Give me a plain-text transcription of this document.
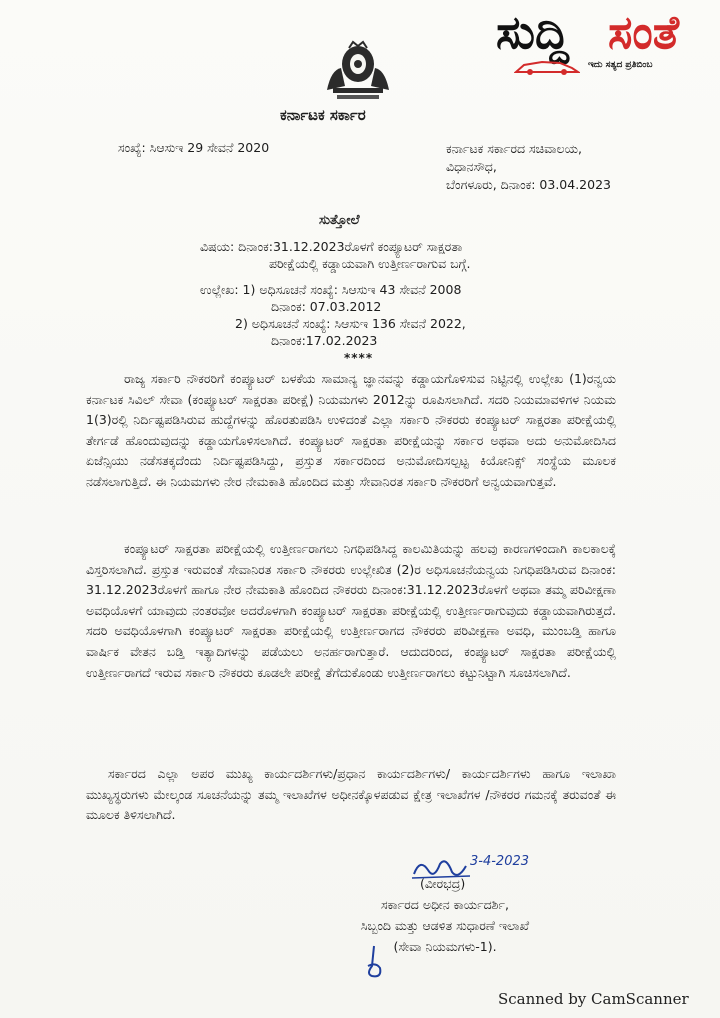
ಸುದ್ದಿ ಸಂತೆ
ಇದು ಸತ್ಯದ ಪ್ರತಿಬಿಂಬ
ಕರ್ನಾಟಕ ಸರ್ಕಾರ
ಸಂಖ್ಯೆ: ಸಿಆಸುಇ 29 ಸೇವನೆ 2020	ಕರ್ನಾಟಕ ಸರ್ಕಾರದ ಸಚಿವಾಲಯ,
ವಿಧಾನಸೌಧ,
ಬೆಂಗಳೂರು, ದಿನಾಂಕ: 03.04.2023
ಸುತ್ತೋಲೆ
ವಿಷಯ: ದಿನಾಂಕ:31.12.2023ರೊಳಗೆ ಕಂಪ್ಯೂಟರ್ ಸಾಕ್ಷರತಾ
ಪರೀಕ್ಷೆಯಲ್ಲಿ ಕಡ್ಡಾಯವಾಗಿ ಉತ್ತೀರ್ಣರಾಗುವ ಬಗ್ಗೆ.
ಉಲ್ಲೇಖ: 1) ಅಧಿಸೂಚನೆ ಸಂಖ್ಯೆ: ಸಿಆಸುಇ 43 ಸೇವನೆ 2008
ದಿನಾಂಕ: 07.03.2012
2) ಅಧಿಸೂಚನೆ ಸಂಖ್ಯೆ: ಸಿಆಸುಇ 136 ಸೇವನೆ 2022,
ದಿನಾಂಕ:17.02.2023
****

ರಾಜ್ಯ ಸರ್ಕಾರಿ ನೌಕರರಿಗೆ ಕಂಪ್ಯೂಟರ್ ಬಳಕೆಯ ಸಾಮಾನ್ಯ ಜ್ಞಾನವನ್ನು ಕಡ್ಡಾಯಗೊಳಿಸುವ ನಿಟ್ಟಿನಲ್ಲಿ ಉಲ್ಲೇಖ (1)ರನ್ವಯ ಕರ್ನಾಟಕ ಸಿವಿಲ್ ಸೇವಾ (ಕಂಪ್ಯೂಟರ್ ಸಾಕ್ಷರತಾ ಪರೀಕ್ಷೆ) ನಿಯಮಗಳು 2012ನ್ನು ರೂಪಿಸಲಾಗಿದೆ. ಸದರಿ ನಿಯಮಾವಳಿಗಳ ನಿಯಮ 1(3)ರಲ್ಲಿ ನಿರ್ದಿಷ್ಟಪಡಿಸಿರುವ ಹುದ್ದೆಗಳನ್ನು ಹೊರತುಪಡಿಸಿ ಉಳಿದಂತೆ ಎಲ್ಲಾ ಸರ್ಕಾರಿ ನೌಕರರು ಕಂಪ್ಯೂಟರ್ ಸಾಕ್ಷರತಾ ಪರೀಕ್ಷೆಯಲ್ಲಿ ತೇರ್ಗಡೆ ಹೊಂದುವುದನ್ನು ಕಡ್ಡಾಯಗೊಳಿಸಲಾಗಿದೆ. ಕಂಪ್ಯೂಟರ್ ಸಾಕ್ಷರತಾ ಪರೀಕ್ಷೆಯನ್ನು ಸರ್ಕಾರ ಅಥವಾ ಅದು ಅನುಮೋದಿಸಿದ ಏಜೆನ್ಸಿಯು ನಡೆಸತಕ್ಕದೆಂದು ನಿರ್ದಿಷ್ಟಪಡಿಸಿದ್ದು, ಪ್ರಸ್ತುತ ಸರ್ಕಾರದಿಂದ ಅನುಮೋದಿಸಲ್ಪಟ್ಟ ಕಿಯೋನಿಕ್ಸ್ ಸಂಸ್ಥೆಯ ಮೂಲಕ ನಡೆಸಲಾಗುತ್ತಿದೆ. ಈ ನಿಯಮಗಳು ನೇರ ನೇಮಕಾತಿ ಹೊಂದಿದ ಮತ್ತು ಸೇವಾನಿರತ ಸರ್ಕಾರಿ ನೌಕರರಿಗೆ ಅನ್ವಯವಾಗುತ್ತವೆ.

ಕಂಪ್ಯೂಟರ್ ಸಾಕ್ಷರತಾ ಪರೀಕ್ಷೆಯಲ್ಲಿ ಉತ್ತೀರ್ಣರಾಗಲು ನಿಗಧಿಪಡಿಸಿದ್ದ ಕಾಲಮಿತಿಯನ್ನು ಹಲವು ಕಾರಣಗಳಿಂದಾಗಿ ಕಾಲಕಾಲಕ್ಕೆ ವಿಸ್ತರಿಸಲಾಗಿದೆ. ಪ್ರಸ್ತುತ ಇರುವಂತೆ ಸೇವಾನಿರತ ಸರ್ಕಾರಿ ನೌಕರರು ಉಲ್ಲೇಖಿತ (2)ರ ಅಧಿಸೂಚನೆಯನ್ವಯ ನಿಗಧಿಪಡಿಸಿರುವ ದಿನಾಂಕ: 31.12.2023ರೊಳಗೆ ಹಾಗೂ ನೇರ ನೇಮಕಾತಿ ಹೊಂದಿದ ನೌಕರರು ದಿನಾಂಕ:31.12.2023ರೊಳಗೆ ಅಥವಾ ತಮ್ಮ ಪರಿವೀಕ್ಷಣಾ ಅವಧಿಯೊಳಗೆ ಯಾವುದು ನಂತರವೋ ಅದರೊಳಗಾಗಿ ಕಂಪ್ಯೂಟರ್ ಸಾಕ್ಷರತಾ ಪರೀಕ್ಷೆಯಲ್ಲಿ ಉತ್ತೀರ್ಣರಾಗುವುದು ಕಡ್ಡಾಯವಾಗಿರುತ್ತದೆ. ಸದರಿ ಅವಧಿಯೊಳಗಾಗಿ ಕಂಪ್ಯೂಟರ್ ಸಾಕ್ಷರತಾ ಪರೀಕ್ಷೆಯಲ್ಲಿ ಉತ್ತೀರ್ಣರಾಗದ ನೌಕರರು ಪರಿವೀಕ್ಷಣಾ ಅವಧಿ, ಮುಂಬಡ್ತಿ ಹಾಗೂ ವಾರ್ಷಿಕ ವೇತನ ಬಡ್ತಿ ಇತ್ಯಾದಿಗಳನ್ನು ಪಡೆಯಲು ಅನರ್ಹರಾಗುತ್ತಾರೆ. ಆದುದರಿಂದ, ಕಂಪ್ಯೂಟರ್ ಸಾಕ್ಷರತಾ ಪರೀಕ್ಷೆಯಲ್ಲಿ ಉತ್ತೀರ್ಣರಾಗದೆ ಇರುವ ಸರ್ಕಾರಿ ನೌಕರರು ಕೂಡಲೇ ಪರೀಕ್ಷೆ ತೆಗೆದುಕೊಂಡು ಉತ್ತೀರ್ಣರಾಗಲು ಕಟ್ಟುನಿಟ್ಟಾಗಿ ಸೂಚಿಸಲಾಗಿದೆ.

ಸರ್ಕಾರದ ಎಲ್ಲಾ ಅಪರ ಮುಖ್ಯ ಕಾರ್ಯದರ್ಶಿಗಳು/ಪ್ರಧಾನ ಕಾರ್ಯದರ್ಶಿಗಳು/ ಕಾರ್ಯದರ್ಶಿಗಳು ಹಾಗೂ ಇಲಾಖಾ ಮುಖ್ಯಸ್ಥರುಗಳು ಮೇಲ್ಕಂಡ ಸೂಚನೆಯನ್ನು ತಮ್ಮ ಇಲಾಖೆಗಳ ಅಧೀನಕ್ಕೊಳಪಡುವ ಕ್ಷೇತ್ರ ಇಲಾಖೆಗಳ /ನೌಕರರ ಗಮನಕ್ಕೆ ತರುವಂತೆ ಈ ಮೂಲಕ ತಿಳಿಸಲಾಗಿದೆ.

3-4-2023
(ವೀರಭದ್ರ)
ಸರ್ಕಾರದ ಅಧೀನ ಕಾರ್ಯದರ್ಶಿ,
ಸಿಬ್ಬಂದಿ ಮತ್ತು ಆಡಳಿತ ಸುಧಾರಣೆ ಇಲಾಖೆ
(ಸೇವಾ ನಿಯಮಗಳು-1).
Scanned by CamScanner
